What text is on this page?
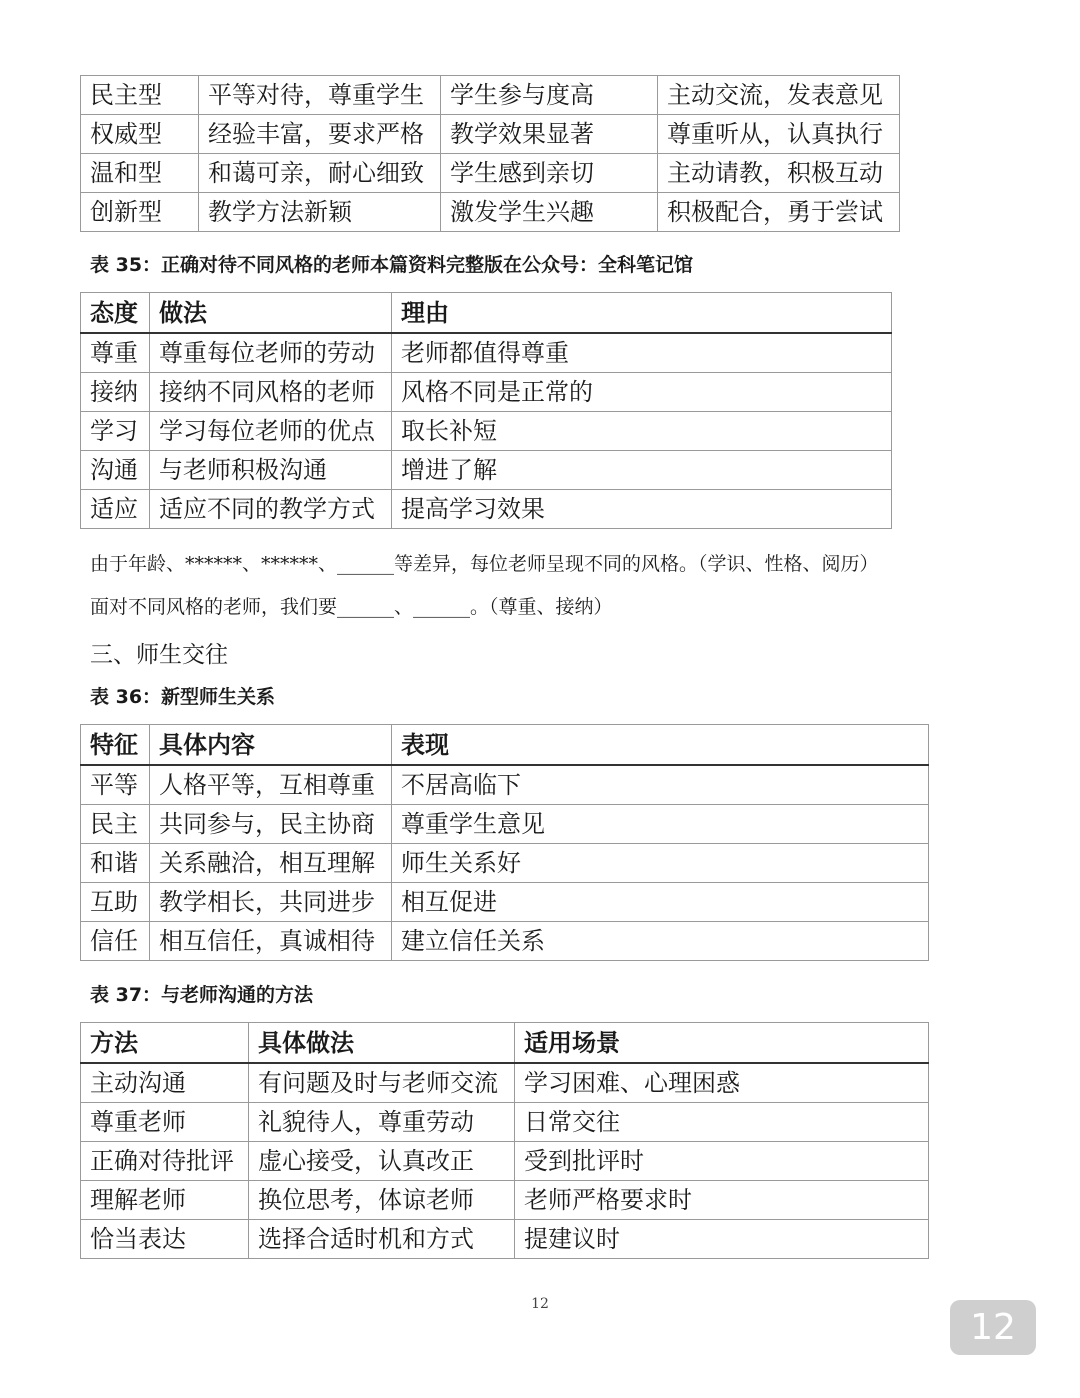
民主型	平等对待，尊重学生	学生参与度高	主动交流，发表意见
权威型	经验丰富，要求严格	教学效果显著	尊重听从，认真执行
温和型	和蔼可亲，耐心细致	学生感到亲切	主动请教，积极互动
创新型	教学方法新颖	激发学生兴趣	积极配合，勇于尝试
表 35：正确对待不同风格的老师本篇资料完整版在公众号：全科笔记馆
态度	做法	理由
尊重	尊重每位老师的劳动	老师都值得尊重
接纳	接纳不同风格的老师	风格不同是正常的
学习	学习每位老师的优点	取长补短
沟通	与老师积极沟通	增进了解
适应	适应不同的教学方式	提高学习效果
由于年龄、******、******、______等差异，每位老师呈现不同的风格。（学识、性格、阅历）
面对不同风格的老师，我们要______、______。（尊重、接纳）
三、师生交往
表 36：新型师生关系
特征	具体内容	表现
平等	人格平等，互相尊重	不居高临下
民主	共同参与，民主协商	尊重学生意见
和谐	关系融洽，相互理解	师生关系好
互助	教学相长，共同进步	相互促进
信任	相互信任，真诚相待	建立信任关系
表 37：与老师沟通的方法
方法	具体做法	适用场景
主动沟通	有问题及时与老师交流	学习困难、心理困惑
尊重老师	礼貌待人，尊重劳动	日常交往
正确对待批评	虚心接受，认真改正	受到批评时
理解老师	换位思考，体谅老师	老师严格要求时
恰当表达	选择合适时机和方式	提建议时
12
12
